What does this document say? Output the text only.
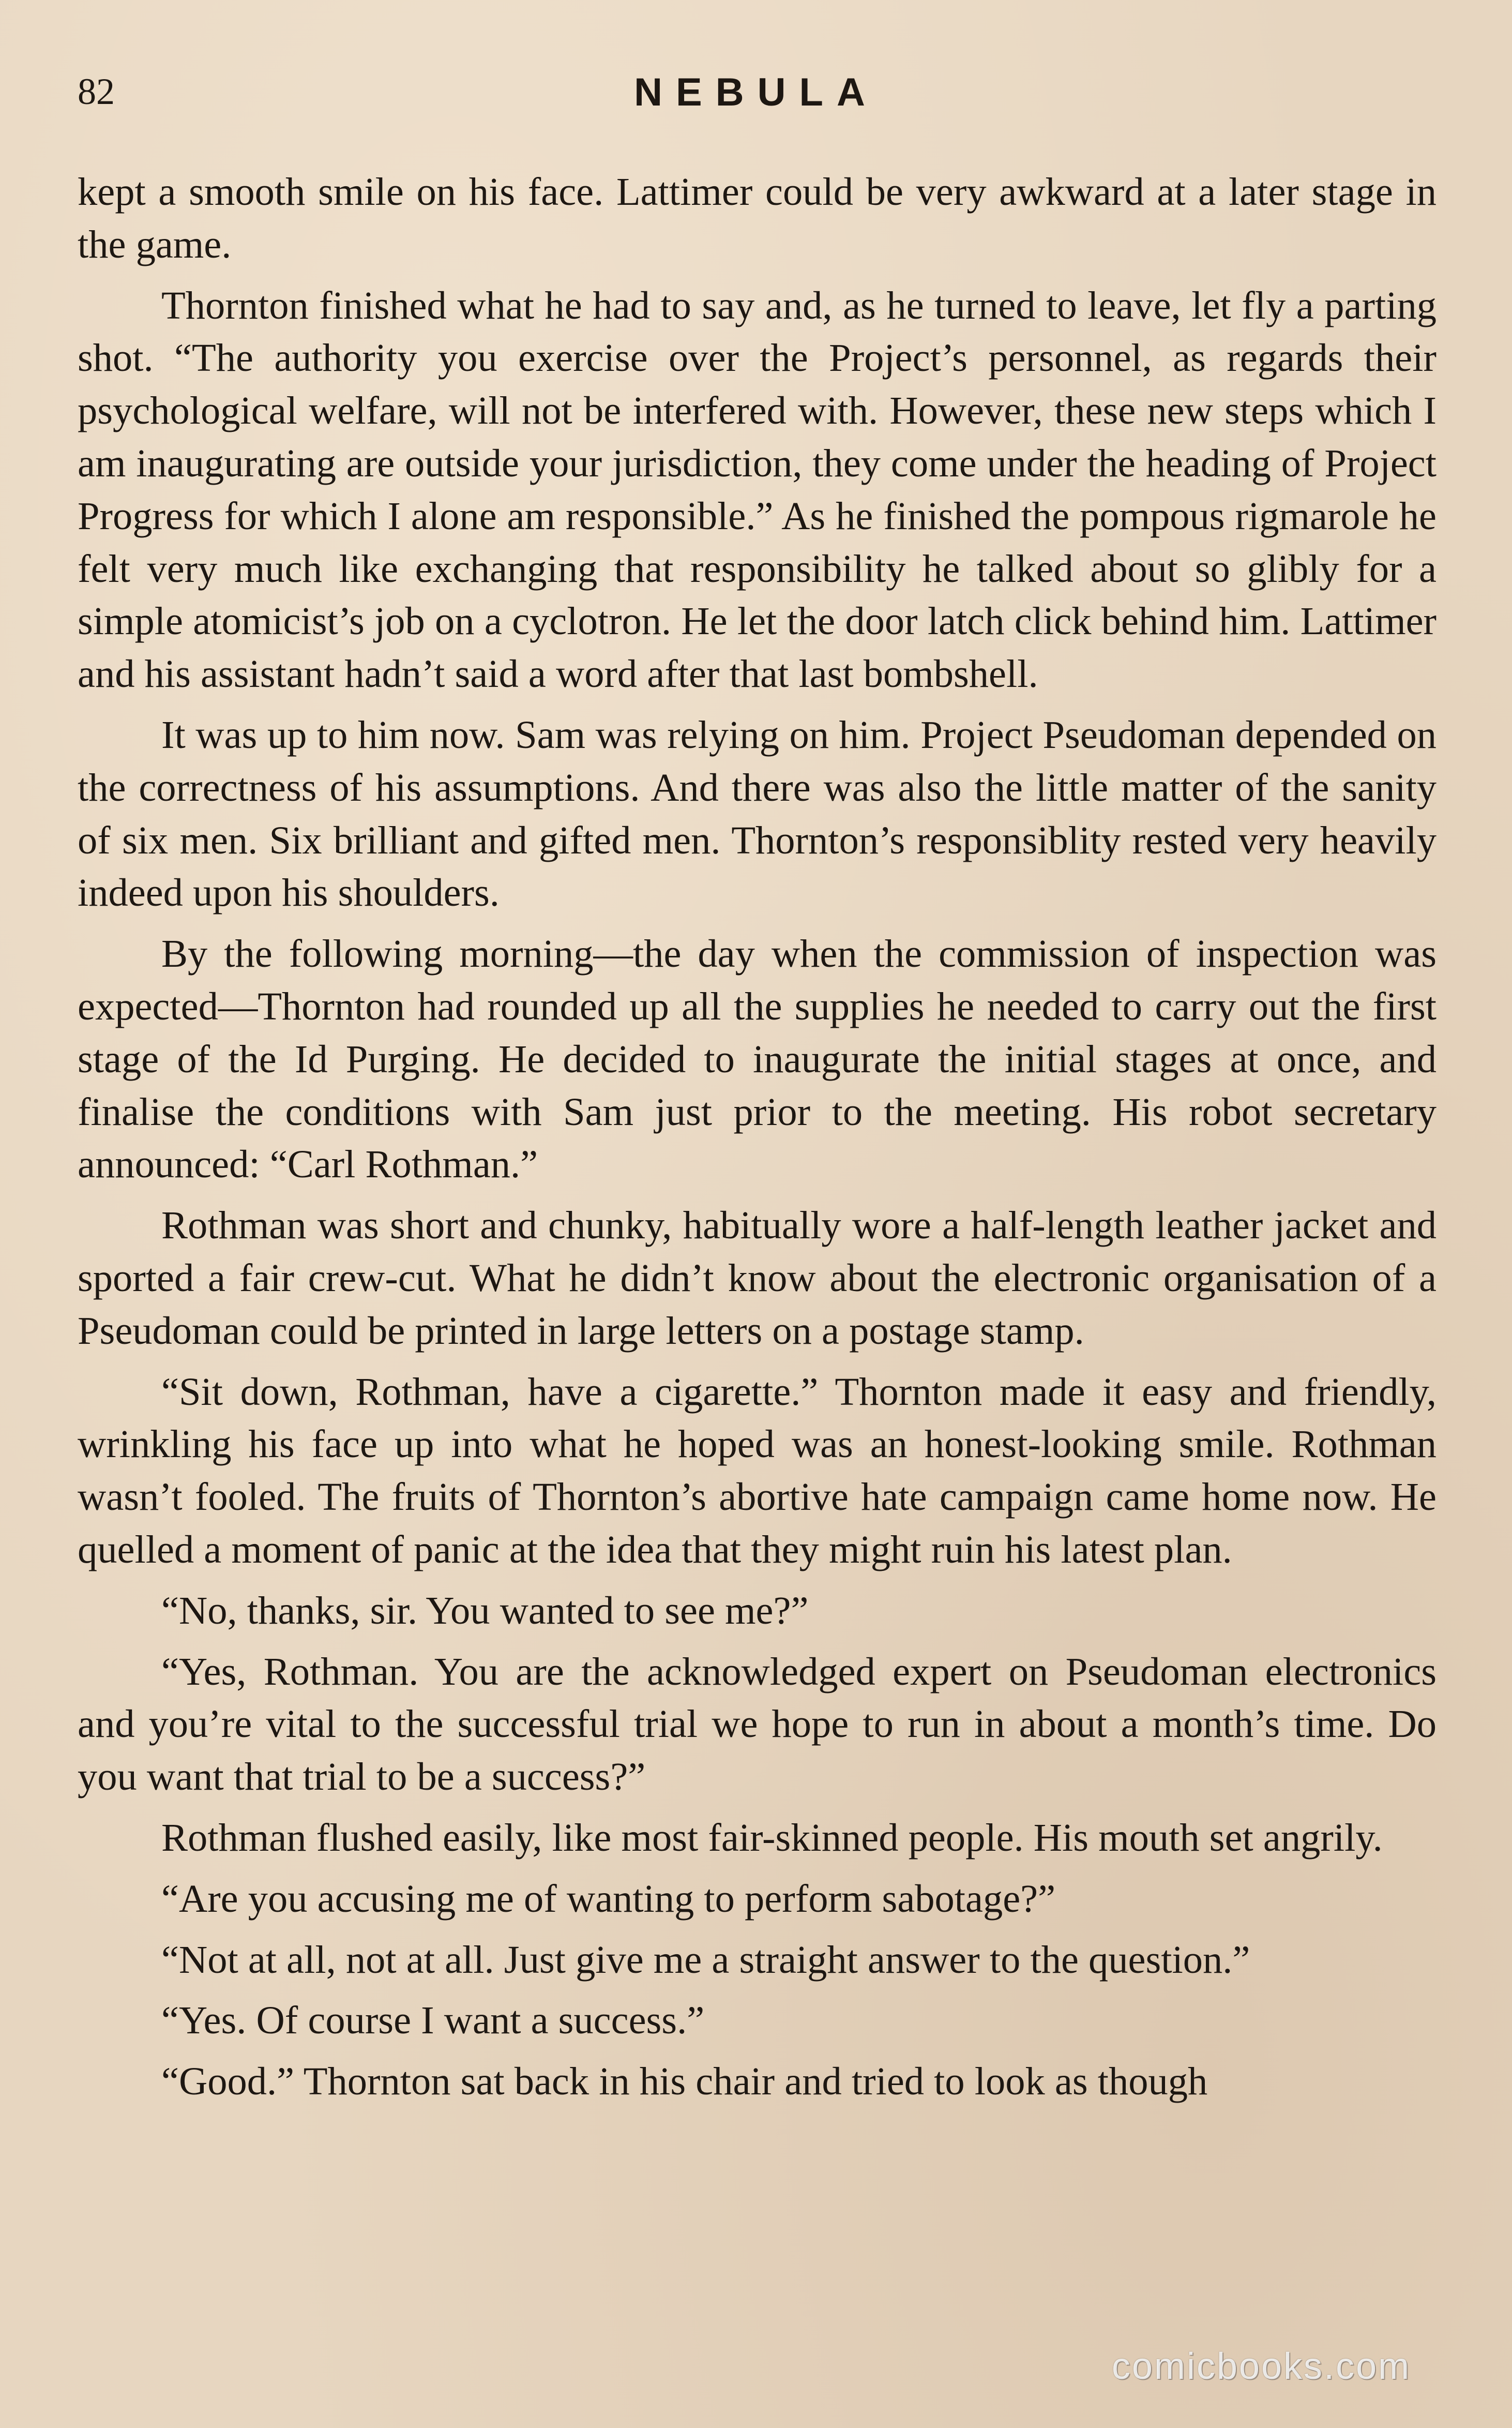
82	NEBULA

kept a smooth smile on his face. Lattimer could be very awkward at a later stage in the game.

Thornton finished what he had to say and, as he turned to leave, let fly a parting shot. “The authority you exercise over the Project’s personnel, as regards their psychological welfare, will not be interfered with. However, these new steps which I am inaugurating are outside your jurisdiction, they come under the heading of Project Progress for which I alone am responsible.” As he finished the pompous rigmarole he felt very much like exchanging that responsibility he talked about so glibly for a simple atomicist’s job on a cyclotron. He let the door latch click behind him. Lattimer and his assistant hadn’t said a word after that last bombshell.

It was up to him now. Sam was relying on him. Project Pseudoman depended on the correctness of his assumptions. And there was also the little matter of the sanity of six men. Six brilliant and gifted men. Thornton’s responsiblity rested very heavily indeed upon his shoulders.

By the following morning—the day when the commission of inspection was expected—Thornton had rounded up all the supplies he needed to carry out the first stage of the Id Purging. He decided to inaugurate the initial stages at once, and finalise the conditions with Sam just prior to the meeting. His robot secretary announced: “Carl Rothman.”

Rothman was short and chunky, habitually wore a half-length leather jacket and sported a fair crew-cut. What he didn’t know about the electronic organisation of a Pseudoman could be printed in large letters on a postage stamp.

“Sit down, Rothman, have a cigarette.” Thornton made it easy and friendly, wrinkling his face up into what he hoped was an honest-looking smile. Rothman wasn’t fooled. The fruits of Thornton’s abortive hate campaign came home now. He quelled a moment of panic at the idea that they might ruin his latest plan.

“No, thanks, sir. You wanted to see me?”

“Yes, Rothman. You are the acknowledged expert on Pseudoman electronics and you’re vital to the successful trial we hope to run in about a month’s time. Do you want that trial to be a success?”

Rothman flushed easily, like most fair-skinned people. His mouth set angrily.

“Are you accusing me of wanting to perform sabotage?”

“Not at all, not at all. Just give me a straight answer to the question.”

“Yes. Of course I want a success.”

“Good.” Thornton sat back in his chair and tried to look as though

comicbooks.com
